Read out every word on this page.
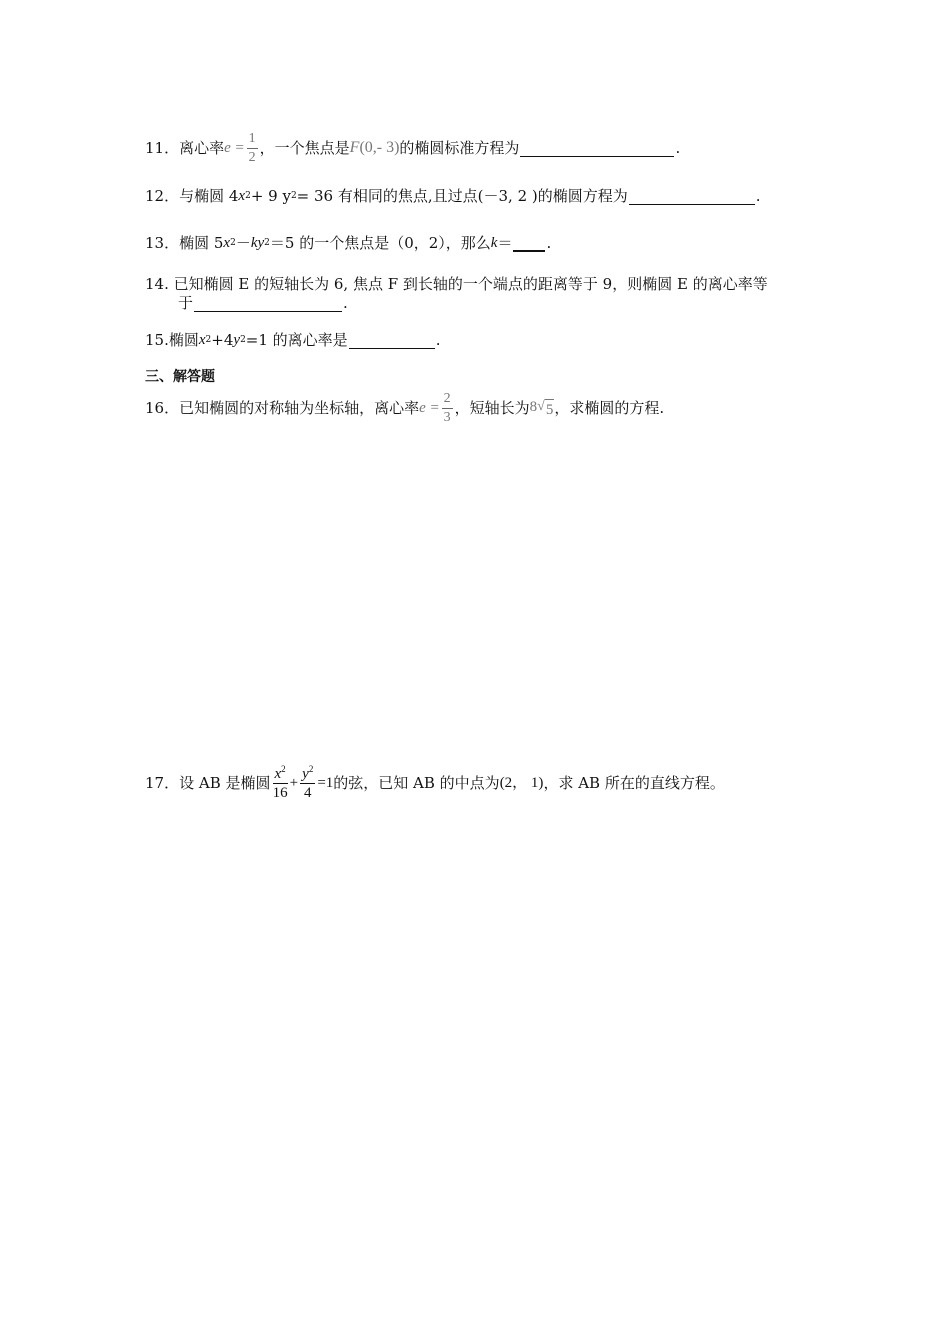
11． 离心率 $e = \frac{1}{2}$ ，一个焦点是 F (0,- 3) 的椭圆标准方程为	.
12． 与椭圆 4 x 2 + 9 y 2 = 36 有相同的焦点,且过点(－3, 2 )的椭圆方程为	.
13． 椭圆 5 x 2 － ky 2 ＝5 的一个焦点是（0，2），那么 k ＝ .
14. 已知椭圆 E 的短轴长为 6, 焦点 F 到长轴的一个端点的距离等于 9，则椭圆 E 的离心率等
于	.
15.椭圆 x 2 +4 y 2 =1 的离心率是	.
三、解答题
16． 已知椭圆的对称轴为坐标轴，离心率 $e = \frac{2}{3}$ ，短轴长为 8 √ 5 ，求椭圆的方程.
17． 设 AB 是椭圆 $\frac{x^2}{16} + \frac{y^2}{4} =1$ 的弦，已知 AB 的中点为 (2， 1) ，求 AB 所在的直线方程。
